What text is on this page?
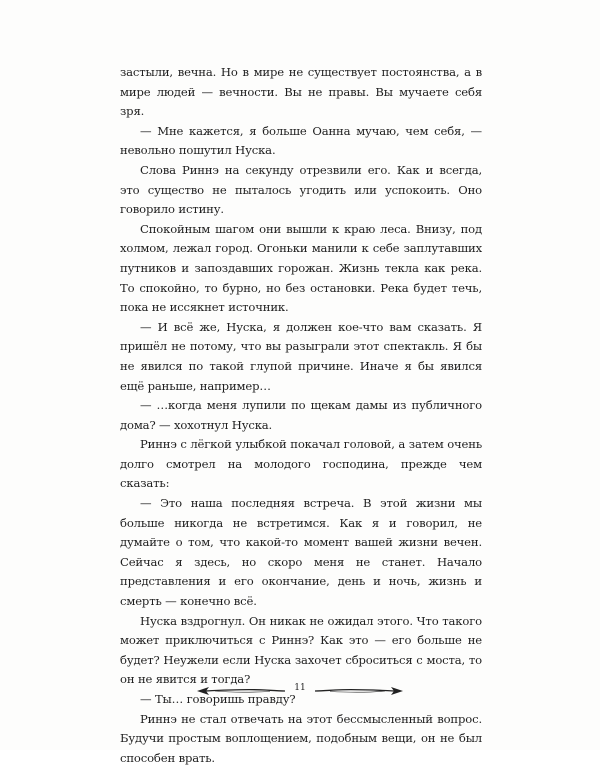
застыли, вечна. Но в мире не существует постоянства, а в мире людей — вечности. Вы не правы. Вы мучаете себя зря.

— Мне кажется, я больше Оанна мучаю, чем себя, — невольно пошутил Нуска.

Слова Риннэ на секунду отрезвили его. Как и всегда, это существо не пыталось угодить или успокоить. Оно говорило истину.

Спокойным шагом они вышли к краю леса. Внизу, под холмом, лежал город. Огоньки манили к себе заплутавших путников и запоздавших горожан. Жизнь текла как река. То спокойно, то бурно, но без остановки. Река будет течь, пока не иссякнет источник.

— И всё же, Нуска, я должен кое-что вам сказать. Я пришёл не потому, что вы разыграли этот спектакль. Я бы не явился по такой глупой причине. Иначе я бы явился ещё раньше, например…

— …когда меня лупили по щекам дамы из публичного дома? — хохотнул Нуска.

Риннэ с лёгкой улыбкой покачал головой, а затем очень долго смотрел на молодого господина, прежде чем сказать:

— Это наша последняя встреча. В этой жизни мы больше никогда не встретимся. Как я и говорил, не думайте о том, что какой-то момент вашей жизни вечен. Сейчас я здесь, но скоро меня не станет. Начало представления и его окончание, день и ночь, жизнь и смерть — конечно всё.

Нуска вздрогнул. Он никак не ожидал этого. Что такого может приключиться с Риннэ? Как это — его больше не будет? Неужели если Нуска захочет сброситься с моста, то он не явится и тогда?

— Ты… говоришь правду?

Риннэ не стал отвечать на этот бессмысленный вопрос. Будучи простым воплощением, подобным вещи, он не был способен врать.

11
